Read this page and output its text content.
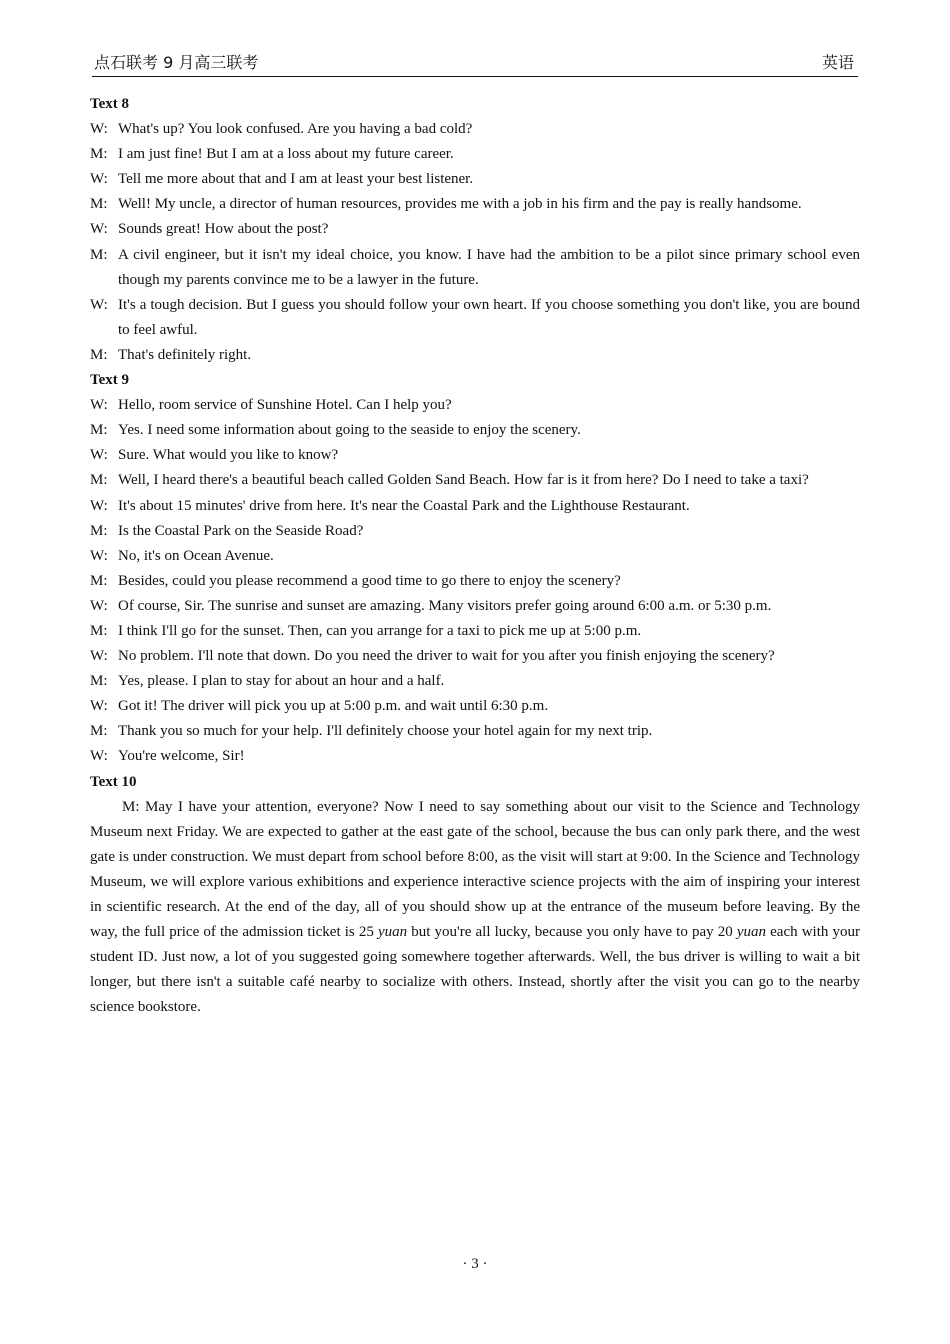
点石联考 9 月高三联考	英语

Text 8

W: What's up? You look confused. Are you having a bad cold?

M: I am just fine! But I am at a loss about my future career.

W: Tell me more about that and I am at least your best listener.

M: Well! My uncle, a director of human resources, provides me with a job in his firm and the pay is really handsome.

W: Sounds great! How about the post?

M: A civil engineer, but it isn't my ideal choice, you know. I have had the ambition to be a pilot since primary school even though my parents convince me to be a lawyer in the future.

W: It's a tough decision. But I guess you should follow your own heart. If you choose something you don't like, you are bound to feel awful.

M: That's definitely right.

Text 9

W: Hello, room service of Sunshine Hotel. Can I help you?

M: Yes. I need some information about going to the seaside to enjoy the scenery.

W: Sure. What would you like to know?

M: Well, I heard there's a beautiful beach called Golden Sand Beach. How far is it from here? Do I need to take a taxi?

W: It's about 15 minutes' drive from here. It's near the Coastal Park and the Lighthouse Restaurant.

M: Is the Coastal Park on the Seaside Road?

W: No, it's on Ocean Avenue.

M: Besides, could you please recommend a good time to go there to enjoy the scenery?

W: Of course, Sir. The sunrise and sunset are amazing. Many visitors prefer going around 6:00 a.m. or 5:30 p.m.

M: I think I'll go for the sunset. Then, can you arrange for a taxi to pick me up at 5:00 p.m.

W: No problem. I'll note that down. Do you need the driver to wait for you after you finish enjoying the scenery?

M: Yes, please. I plan to stay for about an hour and a half.

W: Got it! The driver will pick you up at 5:00 p.m. and wait until 6:30 p.m.

M: Thank you so much for your help. I'll definitely choose your hotel again for my next trip.

W: You're welcome, Sir!

Text 10

M: May I have your attention, everyone? Now I need to say something about our visit to the Science and Technology Museum next Friday. We are expected to gather at the east gate of the school, because the bus can only park there, and the west gate is under construction. We must depart from school before 8:00, as the visit will start at 9:00. In the Science and Technology Museum, we will explore various exhibitions and experience interactive science projects with the aim of inspiring your interest in scientific research. At the end of the day, all of you should show up at the entrance of the museum before leaving. By the way, the full price of the admission ticket is 25 yuan but you're all lucky, because you only have to pay 20 yuan each with your student ID. Just now, a lot of you suggested going somewhere together afterwards. Well, the bus driver is willing to wait a bit longer, but there isn't a suitable café nearby to socialize with others. Instead, shortly after the visit you can go to the nearby science bookstore.

· 3 ·
